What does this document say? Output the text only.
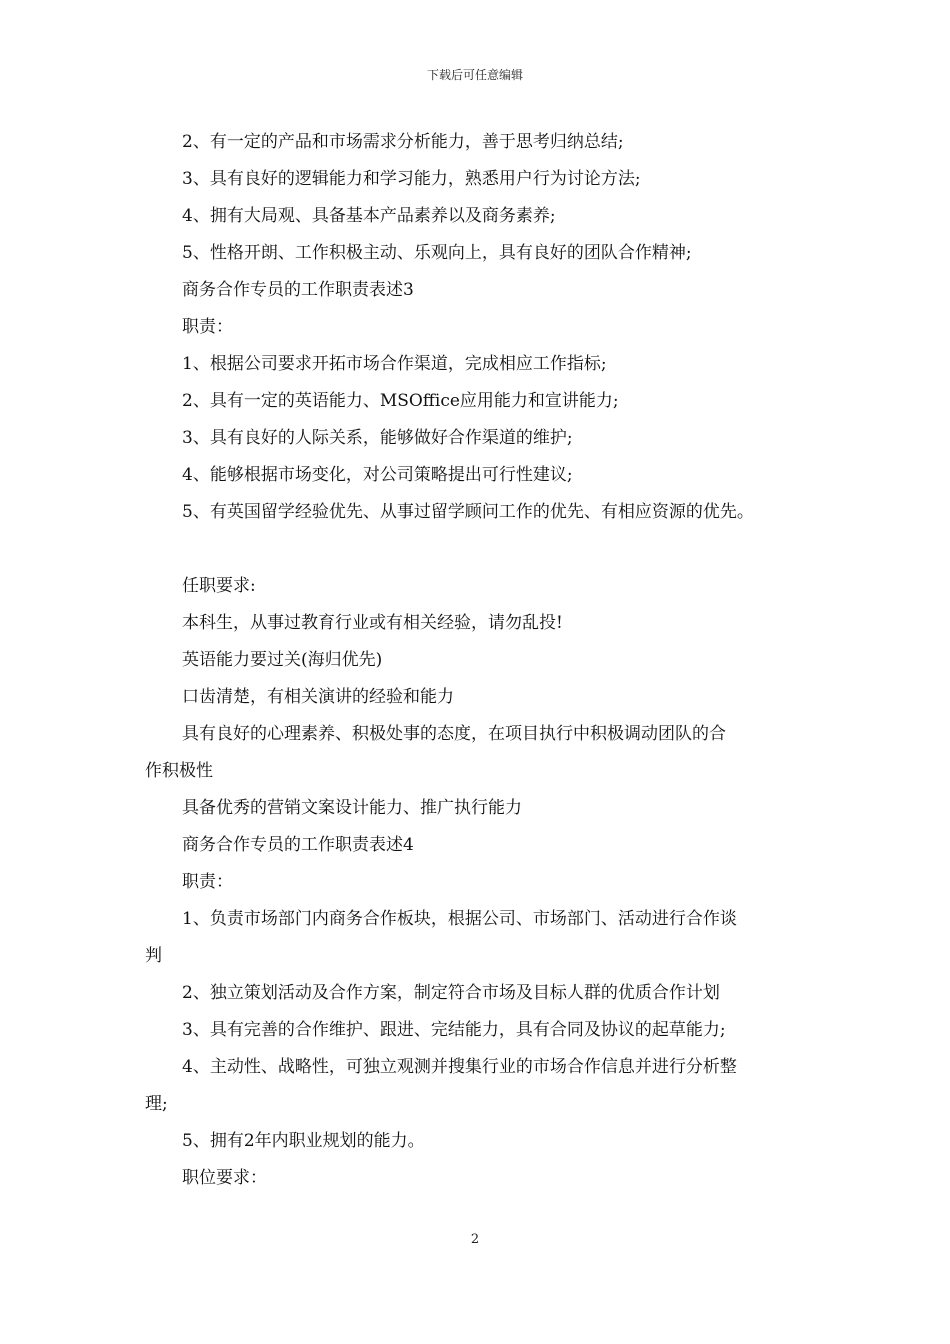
下载后可任意编辑
2、有一定的产品和市场需求分析能力，善于思考归纳总结;
3、具有良好的逻辑能力和学习能力，熟悉用户行为讨论方法;
4、拥有大局观、具备基本产品素养以及商务素养;
5、性格开朗、工作积极主动、乐观向上，具有良好的团队合作精神;
商务合作专员的工作职责表述3
职责：
1、根据公司要求开拓市场合作渠道，完成相应工作指标;
2、具有一定的英语能力、MSOffice应用能力和宣讲能力;
3、具有良好的人际关系，能够做好合作渠道的维护;
4、能够根据市场变化，对公司策略提出可行性建议;
5、有英国留学经验优先、从事过留学顾问工作的优先、有相应资源的优先。
任职要求:
本科生，从事过教育行业或有相关经验，请勿乱投!
英语能力要过关(海归优先)
口齿清楚，有相关演讲的经验和能力
具有良好的心理素养、积极处事的态度，在项目执行中积极调动团队的合
作积极性
具备优秀的营销文案设计能力、推广执行能力
商务合作专员的工作职责表述4
职责：
1、负责市场部门内商务合作板块，根据公司、市场部门、活动进行合作谈
判
2、独立策划活动及合作方案，制定符合市场及目标人群的优质合作计划
3、具有完善的合作维护、跟进、完结能力，具有合同及协议的起草能力;
4、主动性、战略性，可独立观测并搜集行业的市场合作信息并进行分析整
理;
5、拥有2年内职业规划的能力。
职位要求：
2
